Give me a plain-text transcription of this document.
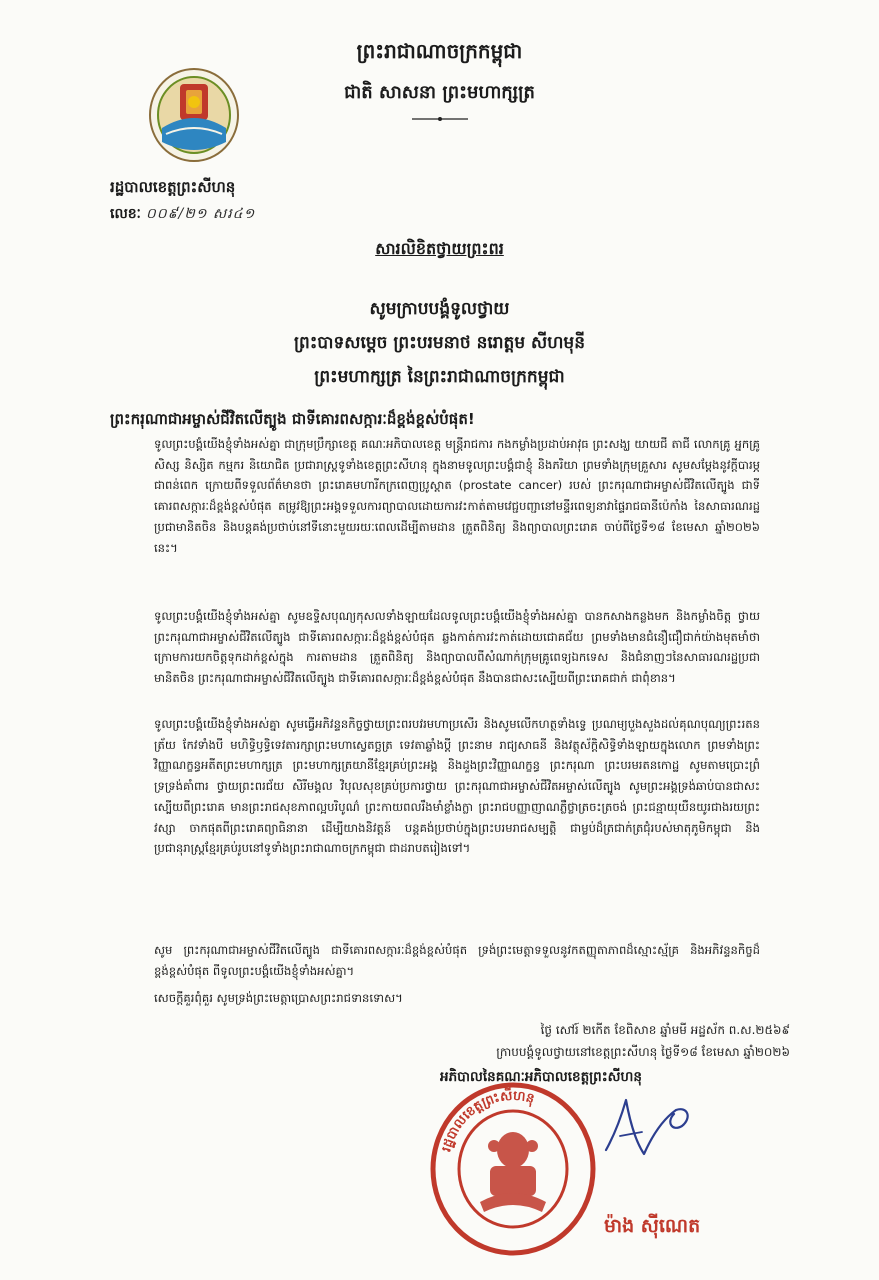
ព្រះរាជាណាចក្រកម្ពុជា
ជាតិ សាសនា ព្រះមហាក្សត្រ
រដ្ឋបាលខេត្តព្រះសីហនុ
លេខៈ ០០៩/២១ សរ៤១
សារលិខិតថ្វាយព្រះពរ
សូមក្រាបបង្គំទូលថ្វាយ
ព្រះបាទសម្ដេច ព្រះបរមនាថ នរោត្តម សីហមុនី
ព្រះមហាក្សត្រ នៃព្រះរាជាណាចក្រកម្ពុជា
ព្រះករុណាជាអម្ចាស់ជីវិតលើត្បូង ជាទីគោរពសក្ការៈដ៏ខ្ពង់ខ្ពស់បំផុត!
ទូលព្រះបង្គំយើងខ្ញុំទាំងអស់គ្នា ជាក្រុមប្រឹក្សាខេត្ត គណៈអភិបាលខេត្ត មន្ត្រីរាជការ កងកម្លាំងប្រដាប់អាវុធ ព្រះសង្ឃ យាយជី តាជី លោកគ្រូ អ្នកគ្រូ សិស្ស និស្សិត កម្មករ និយោជិត ប្រជារាស្ត្រទូទាំងខេត្តព្រះសីហនុ ក្នុងនាមទូលព្រះបង្គំជាខ្ញុំ និងភរិយា ព្រមទាំងក្រុមគ្រួសារ សូមសម្ដែងនូវក្ដីបារម្ភជាពន់ពេក ក្រោយពីទទួលព័ត៌មានថា ព្រះរោគមហារីកក្រពេញប្រូស្តាត (prostate cancer) របស់ ព្រះករុណាជាអម្ចាស់ជីវិតលើត្បូង ជាទីគោរពសក្ការៈដ៏ខ្ពង់ខ្ពស់បំផុត តម្រូវឱ្យព្រះអង្គទទួលការព្យាបាលដោយការវះកាត់តាមវេជ្ជបញ្ជានៅមន្ទីរពេទ្យនាវាផ្ទៃរាជធានីប៉េកាំង នៃសាធារណរដ្ឋប្រជាមានិតចិន និងបន្តគង់ប្រថាប់នៅទីនោះមួយរយៈពេលដើម្បីតាមដាន ត្រួតពិនិត្យ និងព្យាបាលព្រះរោគ ចាប់ពីថ្ងៃទី១៨ ខែមេសា ឆ្នាំ២០២៦ នេះ។
ទូលព្រះបង្គំយើងខ្ញុំទាំងអស់គ្នា សូមឧទ្ទិសបុណ្យកុសលទាំងឡាយដែលទូលព្រះបង្គំយើងខ្ញុំទាំងអស់គ្នា បានកសាងកន្លងមក និងកម្លាំងចិត្ត ថ្វាយ ព្រះករុណាជាអម្ចាស់ជីវិតលើត្បូង ជាទីគោរពសក្ការៈដ៏ខ្ពង់ខ្ពស់បំផុត ឆ្លងកាត់ការវះកាត់ដោយជោគជ័យ ព្រមទាំងមានជំនឿជឿជាក់យ៉ាងមុតមាំថា ក្រោមការយកចិត្តទុកដាក់ខ្ពស់ក្នុង ការតាមដាន ត្រួតពិនិត្យ និងព្យាបាលពីសំណាក់ក្រុមគ្រូពេទ្យឯកទេស និងជំនាញៗនៃសាធារណរដ្ឋប្រជាមានិតចិន ព្រះករុណាជាអម្ចាស់ជីវិតលើត្បូង ជាទីគោរពសក្ការៈដ៏ខ្ពង់ខ្ពស់បំផុត នឹងបានជាសះស្បើយពីព្រះរោគជាក់ ជាពុំខាន។
ទូលព្រះបង្គំយើងខ្ញុំទាំងអស់គ្នា សូមធ្វើអភិវន្ទនកិច្ចថ្វាយព្រះពរបវរមហាប្រសើរ និងសូមលើកហត្ថទាំងទ្វេ ប្រណម្យបួងសួងដល់គុណបុណ្យព្រះរតនត្រ័យ កែវទាំងបី មហិទ្ធិឫទ្ធិទេវតារក្សាព្រះមហាស្វេតច្ឆត្រ ទេវតាឆ្លាំងប្ដី ព្រះនាម រាជ្យសាធនី និងវត្ថុស័ក្តិសិទ្ធិទាំងឡាយក្នុងលោក ព្រមទាំងព្រះវិញ្ញាណក្ខន្ធអតីតព្រះមហាក្សត្រ ព្រះមហាក្សត្រយានីខ្មែរគ្រប់ព្រះអង្គ និងដួងព្រះវិញ្ញាណក្ខន្ធ ព្រះករុណា ព្រះបរមរតនកោដ្ឋ សូមតាមប្រោះព្រំ ទ្រទ្រង់គាំពារ ថ្វាយព្រះពរជ័យ សិរីមង្គល វិបុលសុខគ្រប់ប្រការថ្វាយ ព្រះករុណាជាអម្ចាស់ជីវិតអម្ចាស់លើត្បូង សូមព្រះអង្គទ្រង់ឆាប់បានជាសះស្បើយពីព្រះរោគ មានព្រះរាជសុខភាពល្អបរិបូណ៌ ព្រះកាយពលរឹងមាំខ្លាំងក្លា ព្រះរាជបញ្ញាញាណភ្លឺថ្លាត្រចះត្រចង់ ព្រះជន្មាយុយឺនយូរជាងរយព្រះវស្សា ចាកផុតពីព្រះរោគព្យាធិនានា ដើម្បីយាងនិវត្តន៍ បន្តគង់ប្រថាប់ក្នុងព្រះបរមរាជសម្បត្តិ ជាម្លប់ដ៏ត្រជាក់ត្រជុំរបស់មាតុភូមិកម្ពុជា និងប្រជានុរាស្ត្រខ្មែរគ្រប់រូបនៅទូទាំងព្រះរាជាណាចក្រកម្ពុជា ជាដរាបតរៀងទៅ។
សូម ព្រះករុណាជាអម្ចាស់ជីវិតលើត្បូង ជាទីគោរពសក្ការៈដ៏ខ្ពង់ខ្ពស់បំផុត ទ្រង់ព្រះមេត្តាទទួលនូវកតញ្ញុតាភាពដ៏ស្មោះស្ម័គ្រ និងអភិវន្ទនកិច្ចដ៏ខ្ពង់ខ្ពស់បំផុត ពីទូលព្រះបង្គំយើងខ្ញុំទាំងអស់គ្នា។
សេចក្តីគួរពុំគួរ សូមទ្រង់ព្រះមេត្តាប្រោសព្រះរាជទានទោស។
ថ្ងៃ សៅរ៍ ២កើត ខែពិសាខ ឆ្នាំមមី អដ្ឋស័ក ព.ស.២៥៦៩
ក្រាបបង្គំទូលថ្វាយនៅខេត្តព្រះសីហនុ ថ្ងៃទី១៨ ខែមេសា ឆ្នាំ២០២៦
អភិបាលនៃគណៈអភិបាលខេត្តព្រះសីហនុ
រដ្ឋបាលខេត្តព្រះសីហនុ
ម៉ាង ស៊ីណេត
